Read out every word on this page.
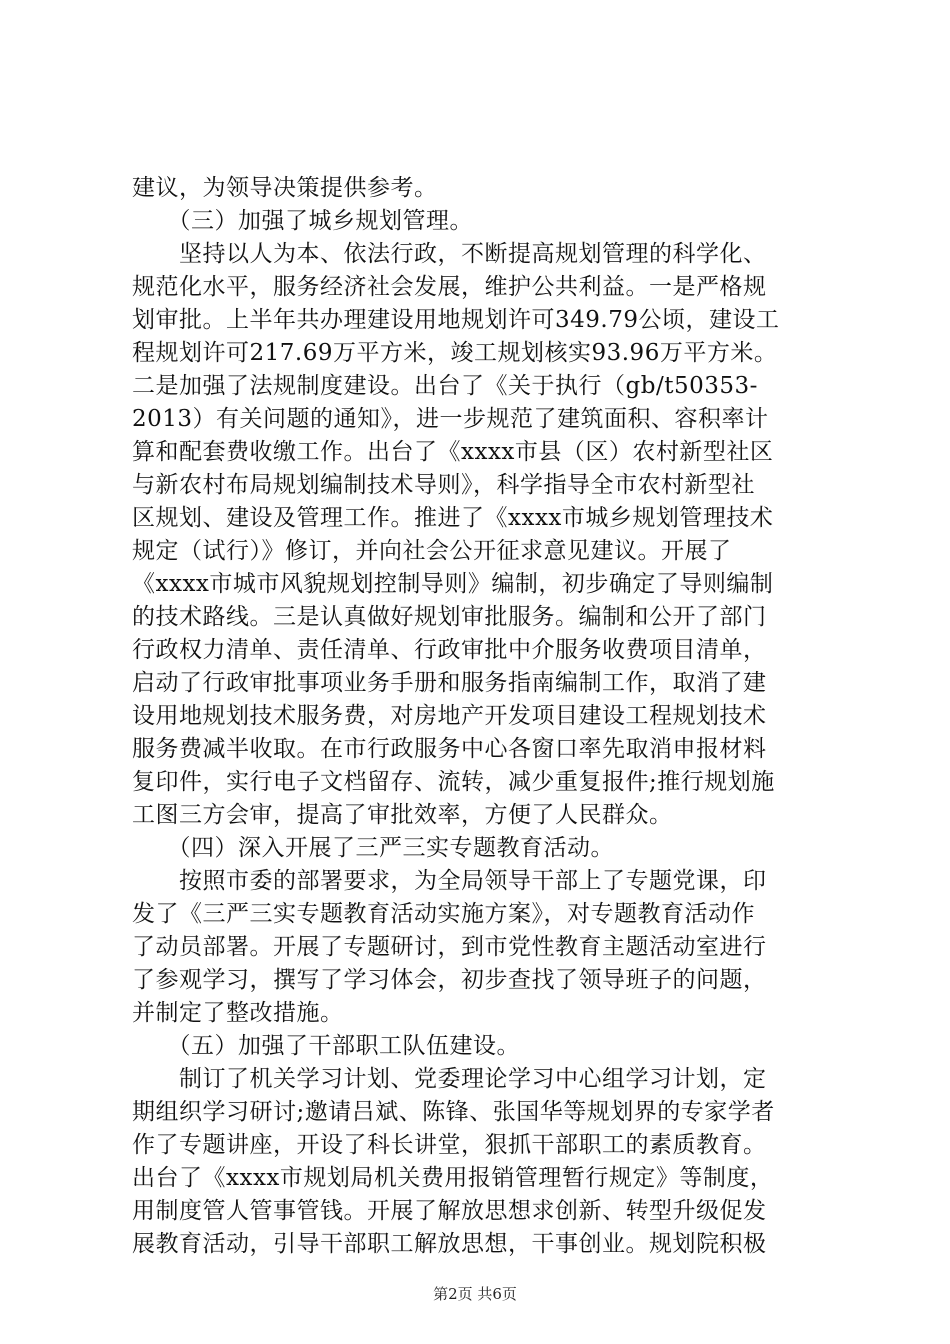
建议，为领导决策提供参考。
　　（三）加强了城乡规划管理。
　　坚持以人为本、依法行政，不断提高规划管理的科学化、
规范化水平，服务经济社会发展，维护公共利益。一是严格规
划审批。上半年共办理建设用地规划许可349.79公顷，建设工
程规划许可217.69万平方米，竣工规划核实93.96万平方米。
二是加强了法规制度建设。出台了《关于执行（gb/t50353-
2013）有关问题的通知》，进一步规范了建筑面积、容积率计
算和配套费收缴工作。出台了《xxxx市县（区）农村新型社区
与新农村布局规划编制技术导则》，科学指导全市农村新型社
区规划、建设及管理工作。推进了《xxxx市城乡规划管理技术
规定（试行）》修订，并向社会公开征求意见建议。开展了
《xxxx市城市风貌规划控制导则》编制，初步确定了导则编制
的技术路线。三是认真做好规划审批服务。编制和公开了部门
行政权力清单、责任清单、行政审批中介服务收费项目清单，
启动了行政审批事项业务手册和服务指南编制工作，取消了建
设用地规划技术服务费，对房地产开发项目建设工程规划技术
服务费减半收取。在市行政服务中心各窗口率先取消申报材料
复印件，实行电子文档留存、流转，减少重复报件;推行规划施
工图三方会审，提高了审批效率，方便了人民群众。
　　（四）深入开展了三严三实专题教育活动。
　　按照市委的部署要求，为全局领导干部上了专题党课，印
发了《三严三实专题教育活动实施方案》，对专题教育活动作
了动员部署。开展了专题研讨，到市党性教育主题活动室进行
了参观学习，撰写了学习体会，初步查找了领导班子的问题，
并制定了整改措施。
　　（五）加强了干部职工队伍建设。
　　制订了机关学习计划、党委理论学习中心组学习计划，定
期组织学习研讨;邀请吕斌、陈锋、张国华等规划界的专家学者
作了专题讲座，开设了科长讲堂，狠抓干部职工的素质教育。
出台了《xxxx市规划局机关费用报销管理暂行规定》等制度，
用制度管人管事管钱。开展了解放思想求创新、转型升级促发
展教育活动，引导干部职工解放思想，干事创业。规划院积极
第2页 共6页
